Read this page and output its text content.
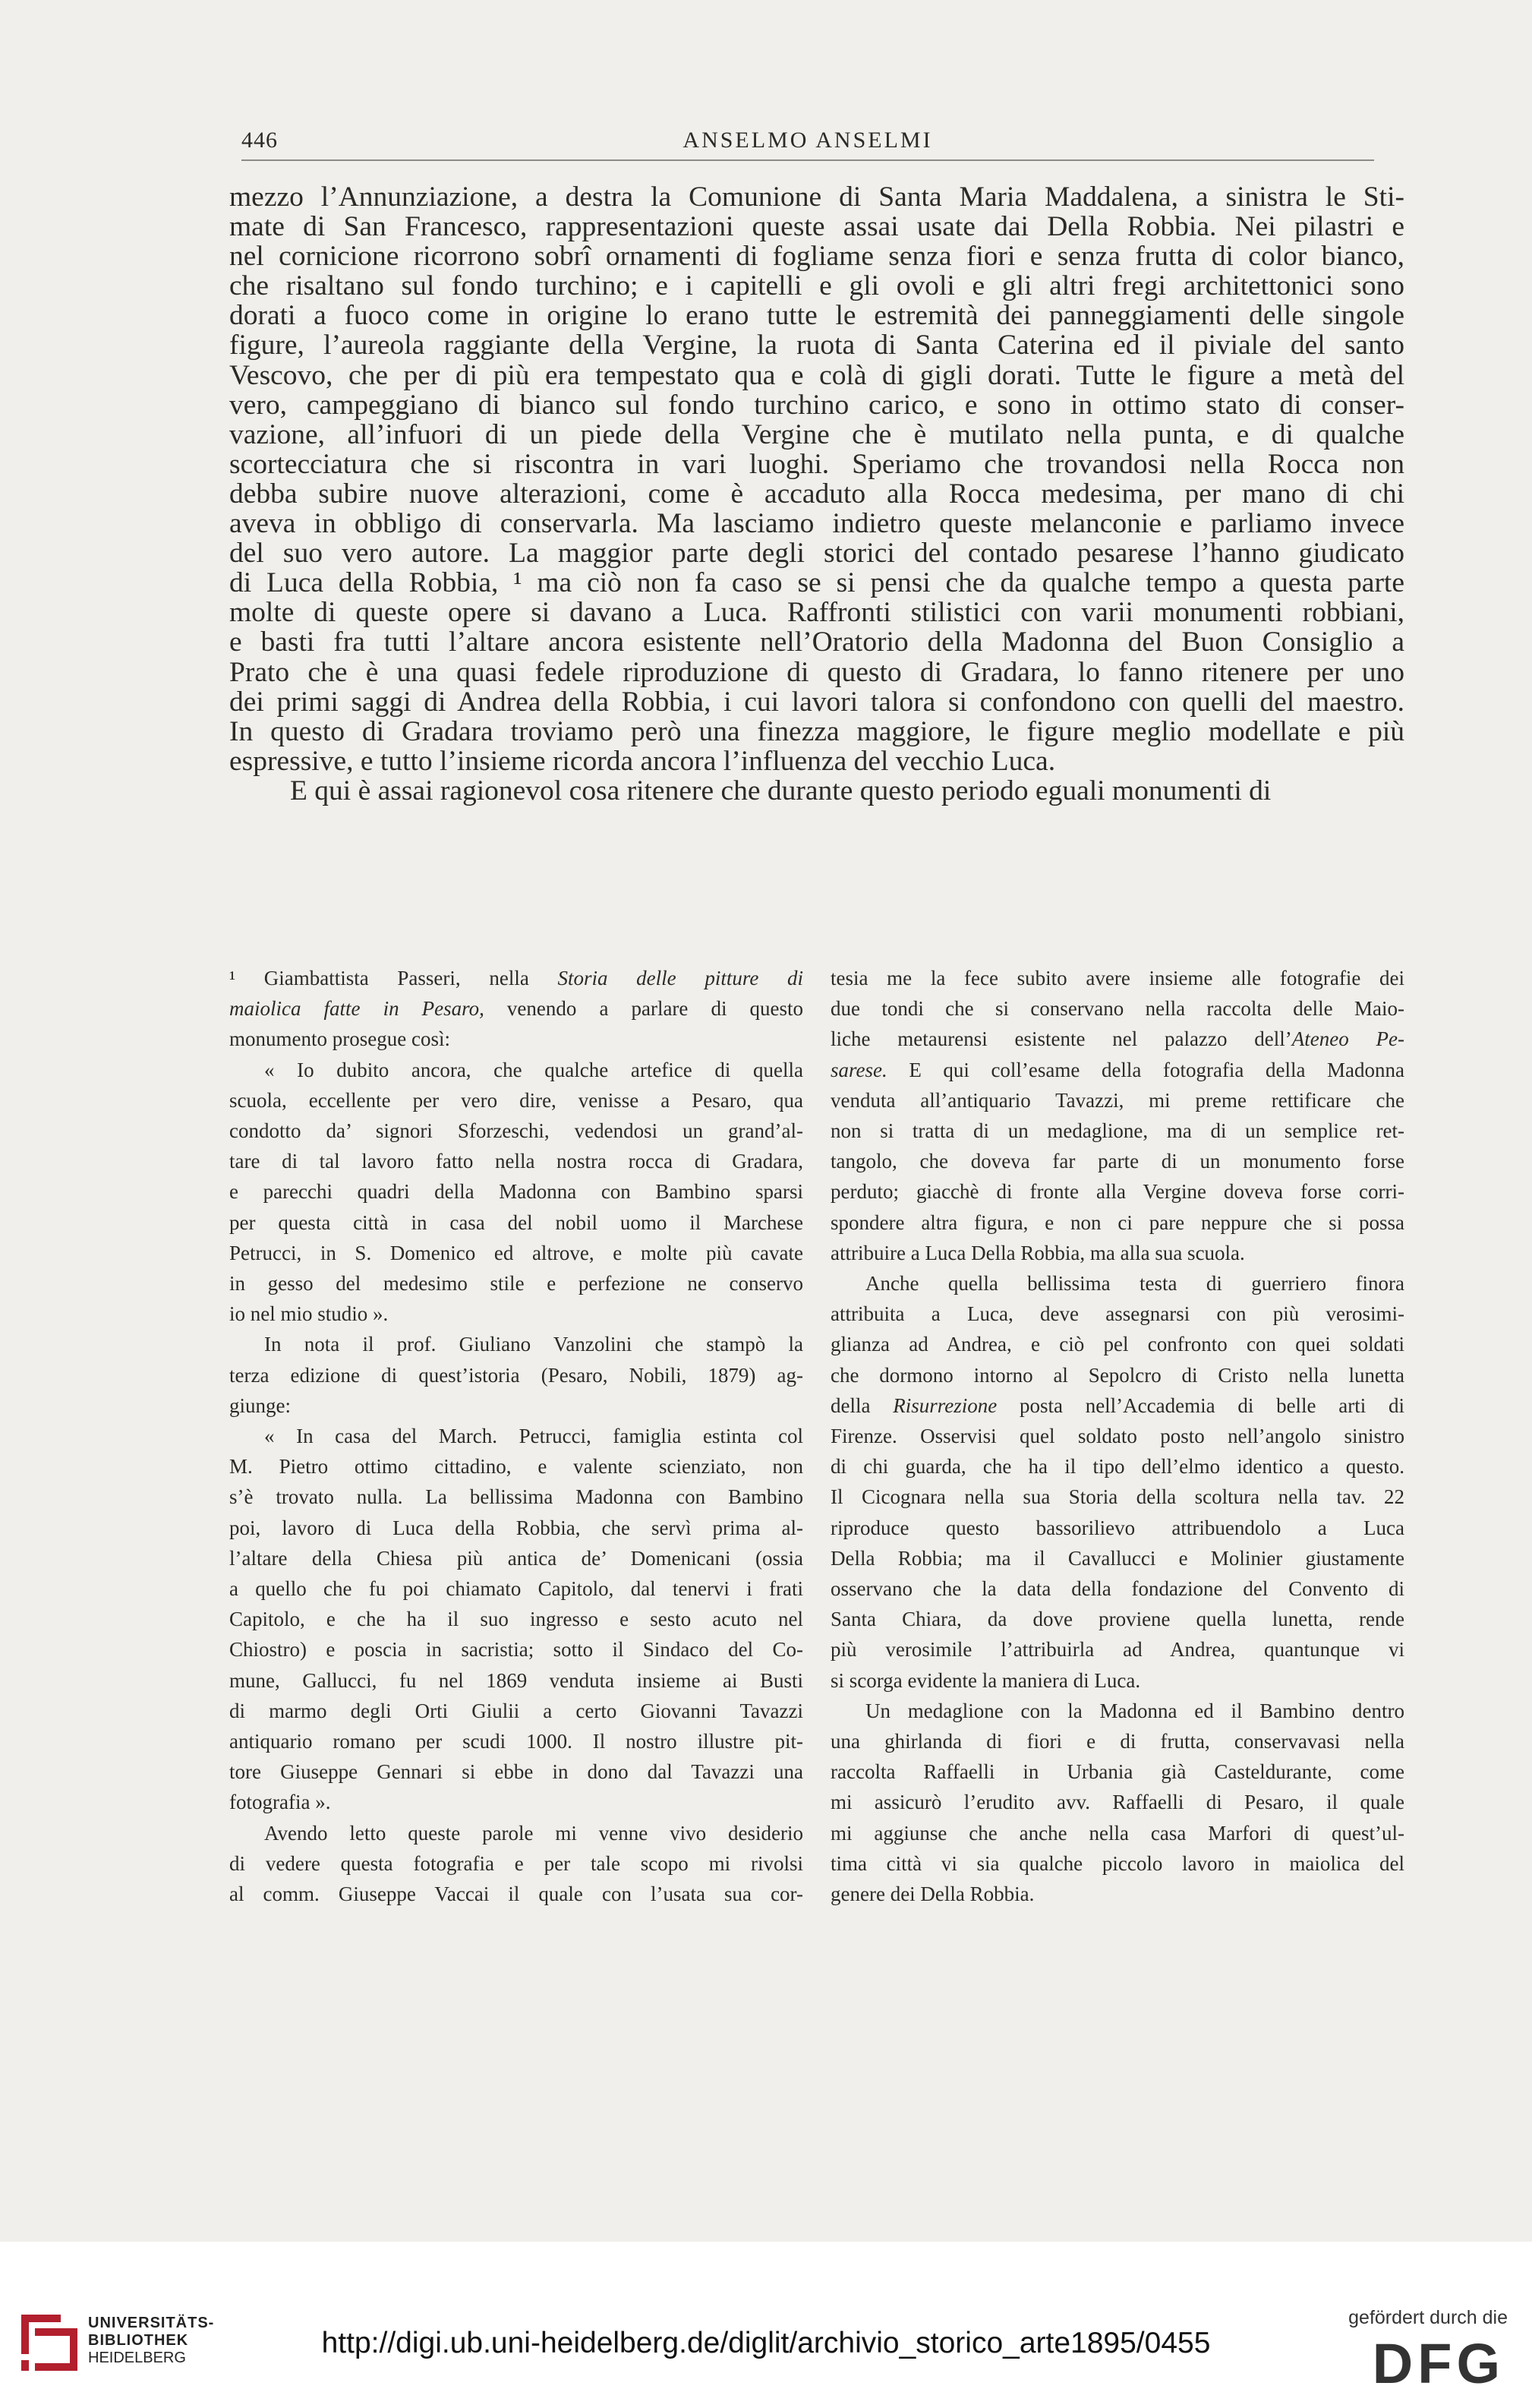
446	ANSELMO ANSELMI

mezzo l’Annunziazione, a destra la Comunione di Santa Maria Maddalena, a sinistra le Sti-

mate di San Francesco, rappresentazioni queste assai usate dai Della Robbia. Nei pilastri e

nel cornicione ricorrono sobrî ornamenti di fogliame senza fiori e senza frutta di color bianco,

che risaltano sul fondo turchino; e i capitelli e gli ovoli e gli altri fregi architettonici sono

dorati a fuoco come in origine lo erano tutte le estremità dei panneggiamenti delle singole

figure, l’aureola raggiante della Vergine, la ruota di Santa Caterina ed il piviale del santo

Vescovo, che per di più era tempestato qua e colà di gigli dorati. Tutte le figure a metà del

vero, campeggiano di bianco sul fondo turchino carico, e sono in ottimo stato di conser-

vazione, all’infuori di un piede della Vergine che è mutilato nella punta, e di qualche

scortecciatura che si riscontra in vari luoghi. Speriamo che trovandosi nella Rocca non

debba subire nuove alterazioni, come è accaduto alla Rocca medesima, per mano di chi

aveva in obbligo di conservarla. Ma lasciamo indietro queste melanconie e parliamo invece

del suo vero autore. La maggior parte degli storici del contado pesarese l’hanno giudicato

di Luca della Robbia, ¹ ma ciò non fa caso se si pensi che da qualche tempo a questa parte

molte di queste opere si davano a Luca. Raffronti stilistici con varii monumenti robbiani,

e basti fra tutti l’altare ancora esistente nell’Oratorio della Madonna del Buon Consiglio a

Prato che è una quasi fedele riproduzione di questo di Gradara, lo fanno ritenere per uno

dei primi saggi di Andrea della Robbia, i cui lavori talora si confondono con quelli del maestro.

In questo di Gradara troviamo però una finezza maggiore, le figure meglio modellate e più

espressive, e tutto l’insieme ricorda ancora l’influenza del vecchio Luca.

E qui è assai ragionevol cosa ritenere che durante questo periodo eguali monumenti di

¹ Giambattista Passeri, nella Storia delle pitture di

maiolica fatte in Pesaro, venendo a parlare di questo

monumento prosegue così:

« Io dubito ancora, che qualche artefice di quella

scuola, eccellente per vero dire, venisse a Pesaro, qua

condotto da’ signori Sforzeschi, vedendosi un grand’al-

tare di tal lavoro fatto nella nostra rocca di Gradara,

e parecchi quadri della Madonna con Bambino sparsi

per questa città in casa del nobil uomo il Marchese

Petrucci, in S. Domenico ed altrove, e molte più cavate

in gesso del medesimo stile e perfezione ne conservo

io nel mio studio ».

In nota il prof. Giuliano Vanzolini che stampò la

terza edizione di quest’istoria (Pesaro, Nobili, 1879) ag-

giunge:

« In casa del March. Petrucci, famiglia estinta col

M. Pietro ottimo cittadino, e valente scienziato, non

s’è trovato nulla. La bellissima Madonna con Bambino

poi, lavoro di Luca della Robbia, che servì prima al-

l’altare della Chiesa più antica de’ Domenicani (ossia

a quello che fu poi chiamato Capitolo, dal tenervi i frati

Capitolo, e che ha il suo ingresso e sesto acuto nel

Chiostro) e poscia in sacristia; sotto il Sindaco del Co-

mune, Gallucci, fu nel 1869 venduta insieme ai Busti

di marmo degli Orti Giulii a certo Giovanni Tavazzi

antiquario romano per scudi 1000. Il nostro illustre pit-

tore Giuseppe Gennari si ebbe in dono dal Tavazzi una

fotografia ».

Avendo letto queste parole mi venne vivo desiderio

di vedere questa fotografia e per tale scopo mi rivolsi

al comm. Giuseppe Vaccai il quale con l’usata sua cor-

tesia me la fece subito avere insieme alle fotografie dei

due tondi che si conservano nella raccolta delle Maio-

liche metaurensi esistente nel palazzo dell’Ateneo Pe-

sarese. E qui coll’esame della fotografia della Madonna

venduta all’antiquario Tavazzi, mi preme rettificare che

non si tratta di un medaglione, ma di un semplice ret-

tangolo, che doveva far parte di un monumento forse

perduto; giacchè di fronte alla Vergine doveva forse corri-

spondere altra figura, e non ci pare neppure che si possa

attribuire a Luca Della Robbia, ma alla sua scuola.

Anche quella bellissima testa di guerriero finora

attribuita a Luca, deve assegnarsi con più verosimi-

glianza ad Andrea, e ciò pel confronto con quei soldati

che dormono intorno al Sepolcro di Cristo nella lunetta

della Risurrezione posta nell’Accademia di belle arti di

Firenze. Osservisi quel soldato posto nell’angolo sinistro

di chi guarda, che ha il tipo dell’elmo identico a questo.

Il Cicognara nella sua Storia della scoltura nella tav. 22

riproduce questo bassorilievo attribuendolo a Luca

Della Robbia; ma il Cavallucci e Molinier giustamente

osservano che la data della fondazione del Convento di

Santa Chiara, da dove proviene quella lunetta, rende

più verosimile l’attribuirla ad Andrea, quantunque vi

si scorga evidente la maniera di Luca.

Un medaglione con la Madonna ed il Bambino dentro

una ghirlanda di fiori e di frutta, conservavasi nella

raccolta Raffaelli in Urbania già Casteldurante, come

mi assicurò l’erudito avv. Raffaelli di Pesaro, il quale

mi aggiunse che anche nella casa Marfori di quest’ul-

tima città vi sia qualche piccolo lavoro in maiolica del

genere dei Della Robbia.

UNIVERSITÄTS-
BIBLIOTHEK
HEIDELBERG	http://digi.ub.uni-heidelberg.de/diglit/archivio_storico_arte1895/0455
gefördert durch die
DFG
